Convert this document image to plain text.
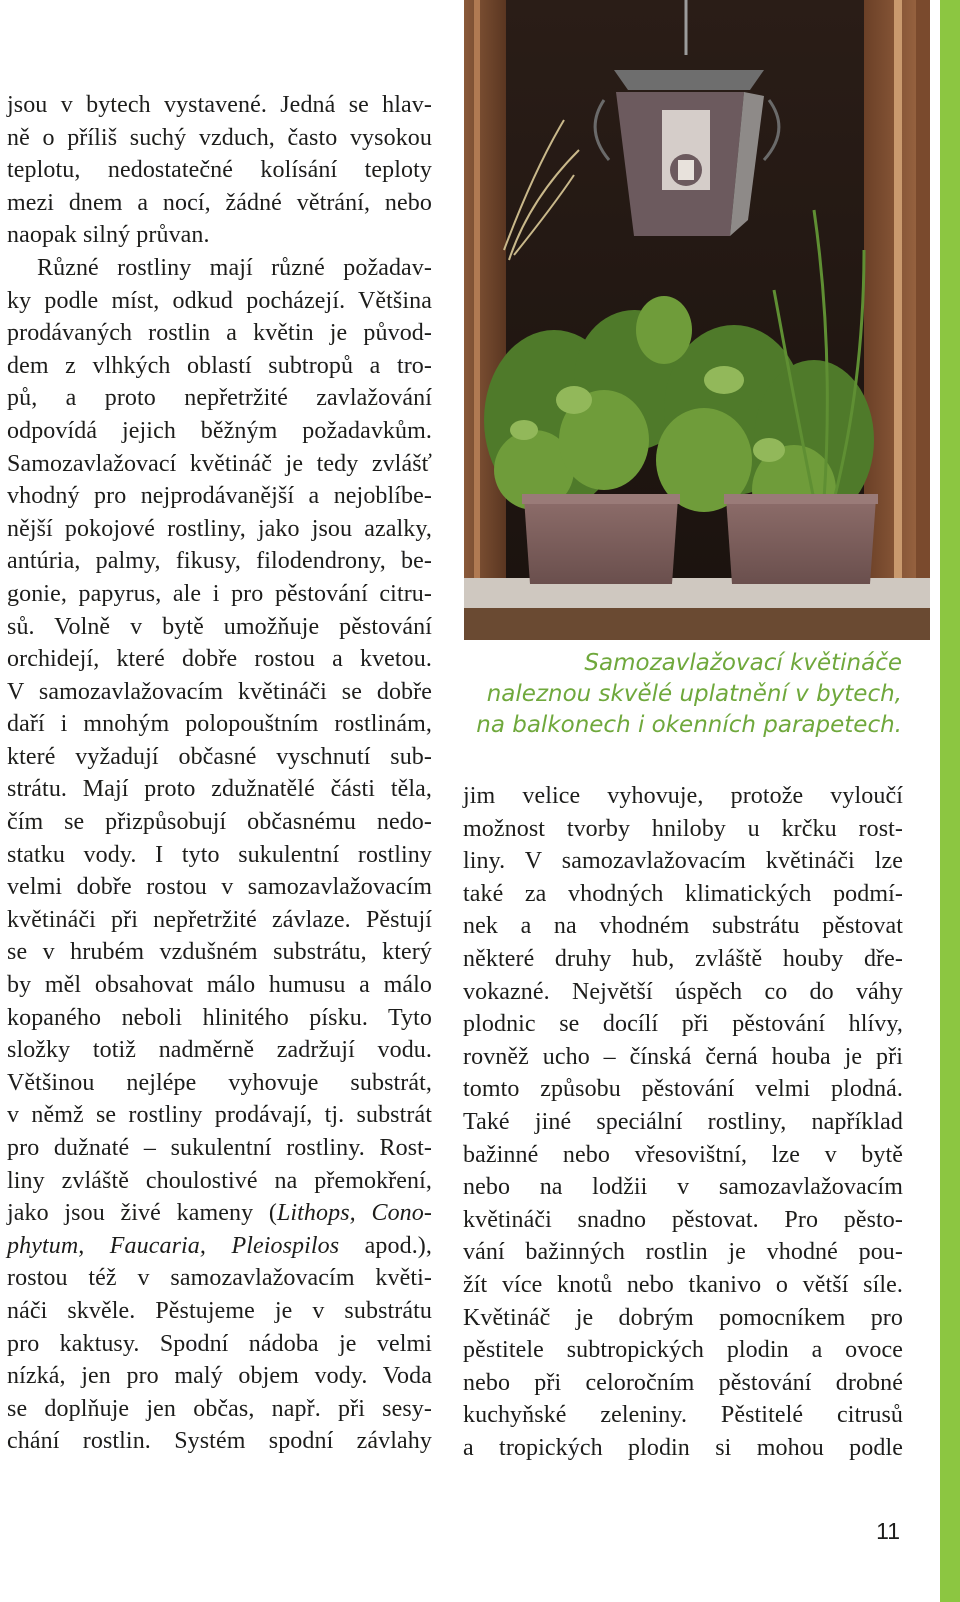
jsou v bytech vystavené. Jedná se hlav-
ně o příliš suchý vzduch, často vysokou
teplotu, nedostatečné kolísání teploty
mezi dnem a nocí, žádné větrání, nebo
naopak silný průvan.
Různé rostliny mají různé požadav-
ky podle míst, odkud pocházejí. Většina
prodávaných rostlin a květin je původ-
dem z vlhkých oblastí subtropů a tro-
pů, a proto nepřetržité zavlažování
odpovídá jejich běžným požadavkům.
Samozavlažovací květináč je tedy zvlášť
vhodný pro nejprodávanější a nejoblíbe-
nější pokojové rostliny, jako jsou azalky,
antúria, palmy, fikusy, filodendrony, be-
gonie, papyrus, ale i pro pěstování citru-
sů. Volně v bytě umožňuje pěstování
orchidejí, které dobře rostou a kvetou.
V samozavlažovacím květináči se dobře
daří i mnohým polopouštním rostlinám,
které vyžadují občasné vyschnutí sub-
strátu. Mají proto zdužnatělé části těla,
čím se přizpůsobují občasnému nedo-
statku vody. I tyto sukulentní rostliny
velmi dobře rostou v samozavlažovacím
květináči při nepřetržité závlaze. Pěstují
se v hrubém vzdušném substrátu, který
by měl obsahovat málo humusu a málo
kopaného neboli hlinitého písku. Tyto
složky totiž nadměrně zadržují vodu.
Většinou nejlépe vyhovuje substrát,
v němž se rostliny prodávají, tj. substrát
pro dužnaté – sukulentní rostliny. Rost-
liny zvláště choulostivé na přemokření,
jako jsou živé kameny (Lithops, Cono-
phytum, Faucaria, Pleiospilos apod.),
rostou též v samozavlažovacím květi-
náči skvěle. Pěstujeme je v substrátu
pro kaktusy. Spodní nádoba je velmi
nízká, jen pro malý objem vody. Voda
se doplňuje jen občas, např. při sesy-
chání rostlin. Systém spodní závlahy
Samozavlažovací květináče
naleznou skvělé uplatnění v bytech,
na balkonech i okenních parapetech.
jim velice vyhovuje, protože vyloučí
možnost tvorby hniloby u krčku rost-
liny. V samozavlažovacím květináči lze
také za vhodných klimatických podmí-
nek a na vhodném substrátu pěstovat
některé druhy hub, zvláště houby dře-
vokazné. Největší úspěch co do váhy
plodnic se docílí při pěstování hlívy,
rovněž ucho – čínská černá houba je při
tomto způsobu pěstování velmi plodná.
Také jiné speciální rostliny, například
bažinné nebo vřesovištní, lze v bytě
nebo na lodžii v samozavlažovacím
květináči snadno pěstovat. Pro pěsto-
vání bažinných rostlin je vhodné pou-
žít více knotů nebo tkanivo o větší síle.
Květináč je dobrým pomocníkem pro
pěstitele subtropických plodin a ovoce
nebo při celoročním pěstování drobné
kuchyňské zeleniny. Pěstitelé citrusů
a tropických plodin si mohou podle
11
